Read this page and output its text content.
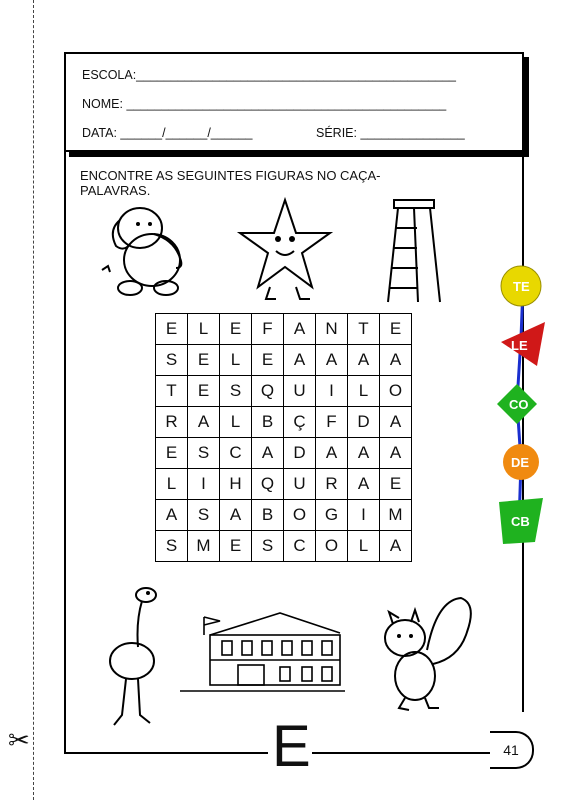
✂
ESCOLA:______________________________________________
NOME: ______________________________________________
DATA: ______/______/______	SÉRIE: _______________
ENCONTRE AS SEGUINTES FIGURAS NO CAÇA-PALAVRAS.
E	L	E	F	A	N	T	E
S	E	L	E	A	A	A	A
T	E	S	Q	U	I	L	O
R	A	L	B	Ç	F	D	A
E	S	C	A	D	A	A	A
L	I	H	Q	U	R	A	E
A	S	A	B	O	G	I	M
S	M	E	S	C	O	L	A
TE
LE
CO
DE
CB
E	41
